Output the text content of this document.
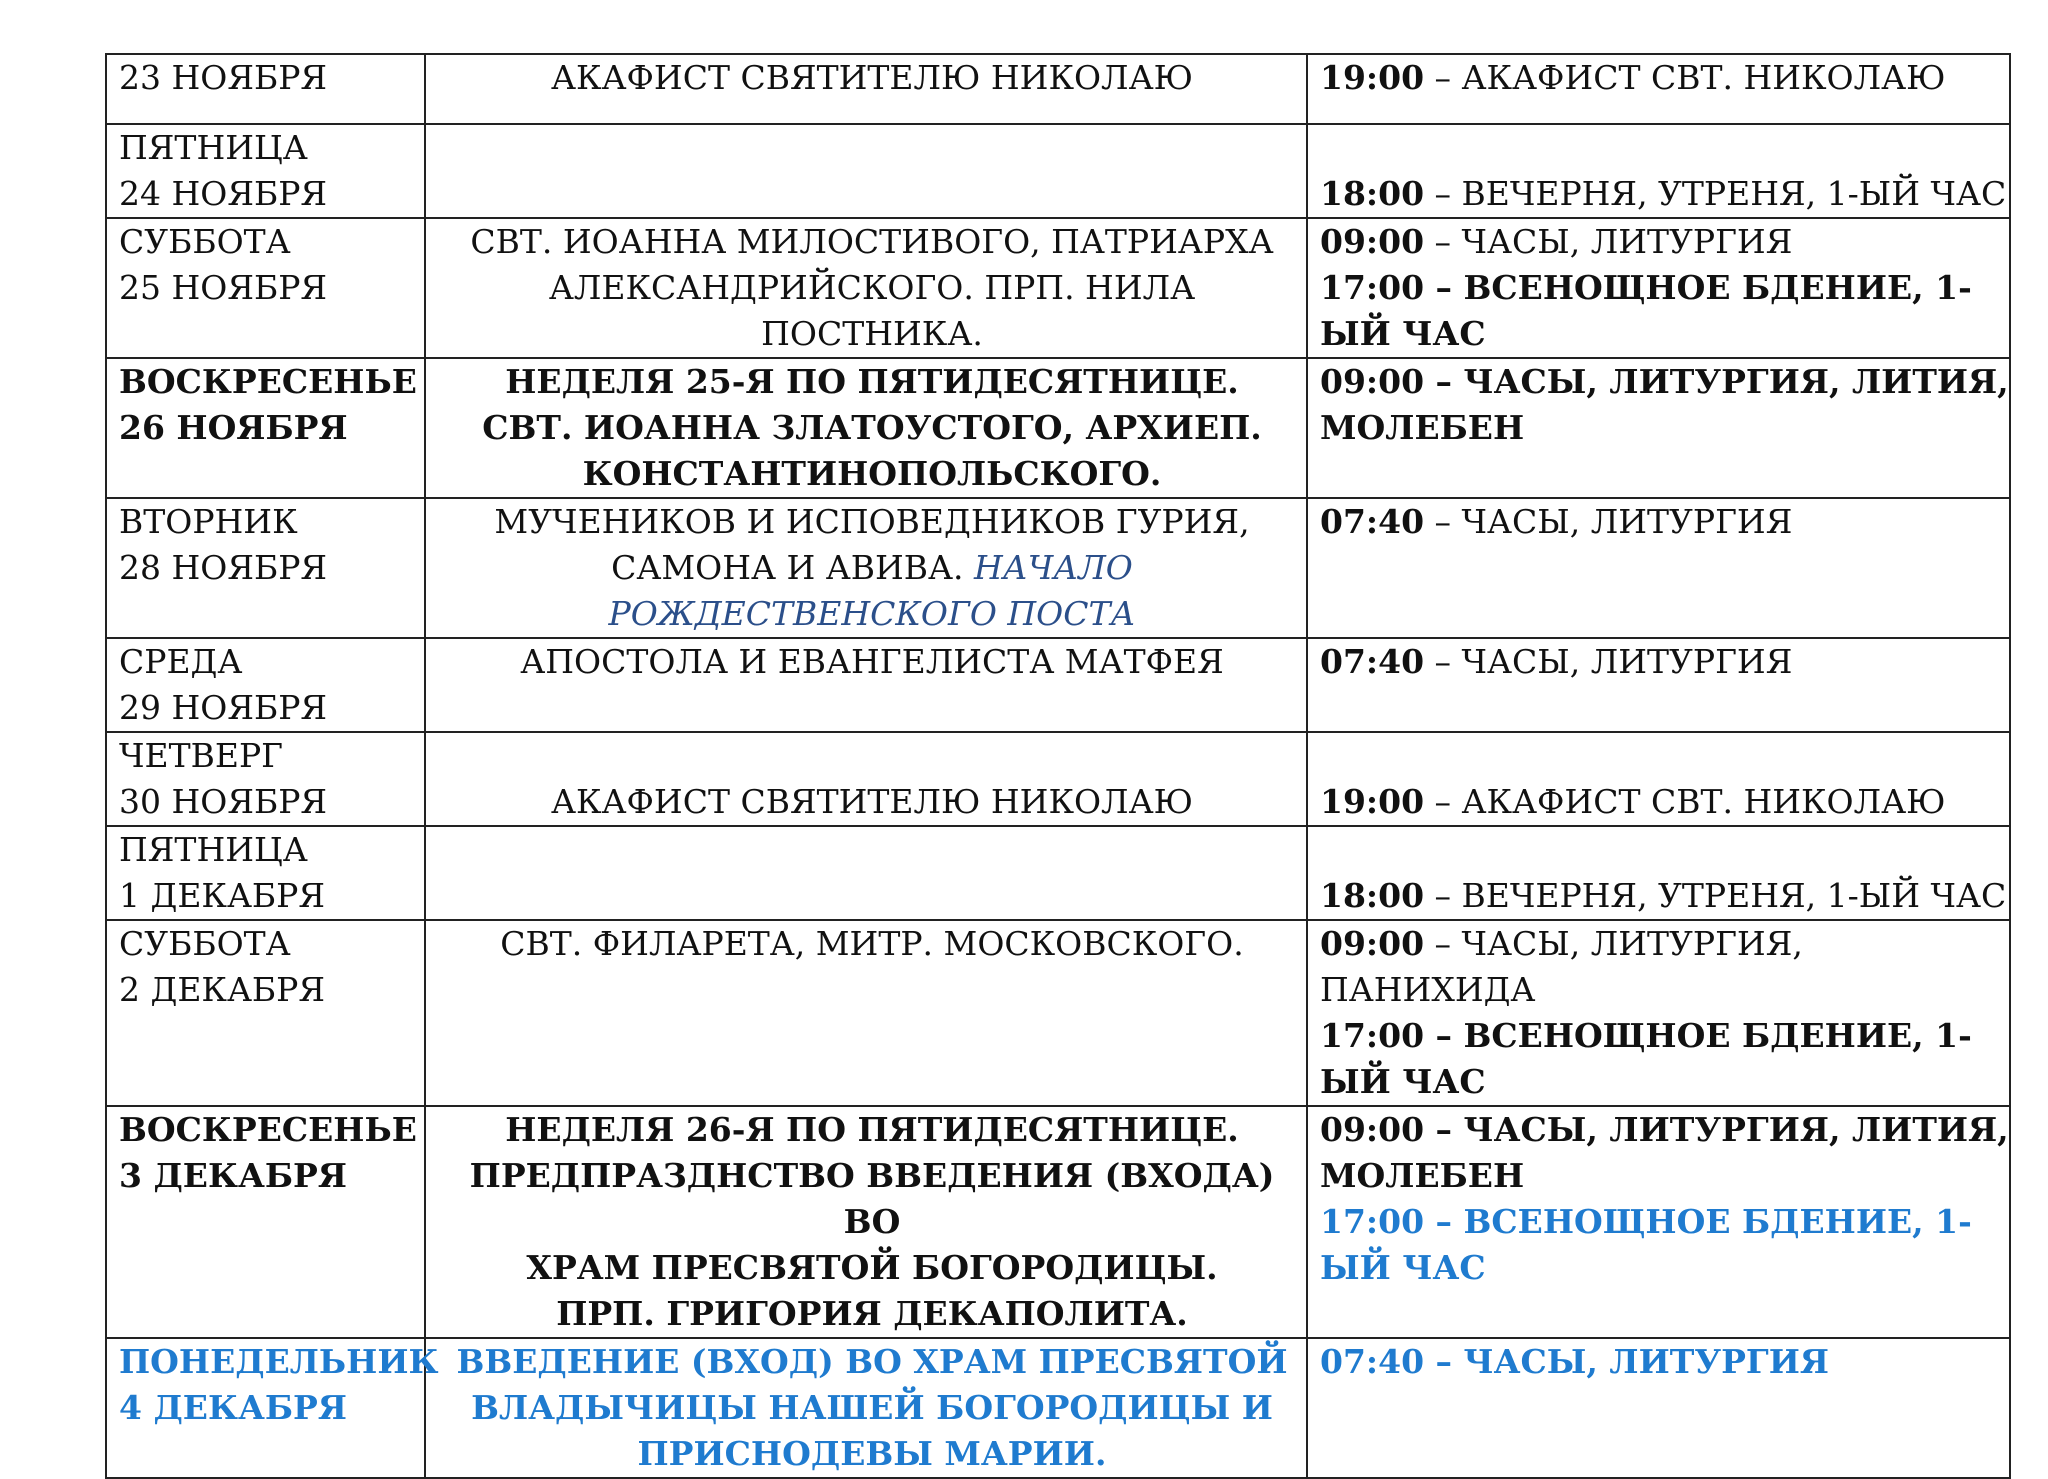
23 НОЯБРЯ	АКАФИСТ СВЯТИТЕЛЮ НИКОЛАЮ	19:00 – АКАФИСТ СВТ. НИКОЛАЮ

ПЯТНИЦА
24 НОЯБРЯ		18:00 – ВЕЧЕРНЯ, УТРЕНЯ, 1-ЫЙ ЧАС

СУББОТА
25 НОЯБРЯ	СВТ. ИОАННА МИЛОСТИВОГО, ПАТРИАРХА
АЛЕКСАНДРИЙСКОГО. ПРП. НИЛА ПОСТНИКА.	09:00 – ЧАСЫ, ЛИТУРГИЯ
17:00 – ВСЕНОЩНОЕ БДЕНИЕ, 1-ЫЙ ЧАС

ВОСКРЕСЕНЬЕ
26 НОЯБРЯ	НЕДЕЛЯ 25-Я ПО ПЯТИДЕСЯТНИЦЕ.
СВТ. ИОАННА ЗЛАТОУСТОГО, АРХИЕП.
КОНСТАНТИНОПОЛЬСКОГО.	09:00 – ЧАСЫ, ЛИТУРГИЯ, ЛИТИЯ, МОЛЕБЕН

ВТОРНИК
28 НОЯБРЯ	МУЧЕНИКОВ И ИСПОВЕДНИКОВ ГУРИЯ,
САМОНА И АВИВА. НАЧАЛО РОЖДЕСТВЕНСКОГО ПОСТА	07:40 – ЧАСЫ, ЛИТУРГИЯ

СРЕДА
29 НОЯБРЯ	АПОСТОЛА И ЕВАНГЕЛИСТА МАТФЕЯ	07:40 – ЧАСЫ, ЛИТУРГИЯ

ЧЕТВЕРГ
30 НОЯБРЯ	АКАФИСТ СВЯТИТЕЛЮ НИКОЛАЮ	19:00 – АКАФИСТ СВТ. НИКОЛАЮ

ПЯТНИЦА
1 ДЕКАБРЯ		18:00 – ВЕЧЕРНЯ, УТРЕНЯ, 1-ЫЙ ЧАС

СУББОТА
2 ДЕКАБРЯ	СВТ. ФИЛАРЕТА, МИТР. МОСКОВСКОГО.	09:00 – ЧАСЫ, ЛИТУРГИЯ, ПАНИХИДА
17:00 – ВСЕНОЩНОЕ БДЕНИЕ, 1-ЫЙ ЧАС

ВОСКРЕСЕНЬЕ
3 ДЕКАБРЯ	НЕДЕЛЯ 26-Я ПО ПЯТИДЕСЯТНИЦЕ.
ПРЕДПРАЗДНСТВО ВВЕДЕНИЯ (ВХОДА) ВО
ХРАМ ПРЕСВЯТОЙ БОГОРОДИЦЫ.
ПРП. ГРИГОРИЯ ДЕКАПОЛИТА.	09:00 – ЧАСЫ, ЛИТУРГИЯ, ЛИТИЯ, МОЛЕБЕН
17:00 – ВСЕНОЩНОЕ БДЕНИЕ, 1-ЫЙ ЧАС

ПОНЕДЕЛЬНИК
4 ДЕКАБРЯ	ВВЕДЕНИЕ (ВХОД) ВО ХРАМ ПРЕСВЯТОЙ
ВЛАДЫЧИЦЫ НАШЕЙ БОГОРОДИЦЫ И
ПРИСНОДЕВЫ МАРИИ.	07:40 – ЧАСЫ, ЛИТУРГИЯ
